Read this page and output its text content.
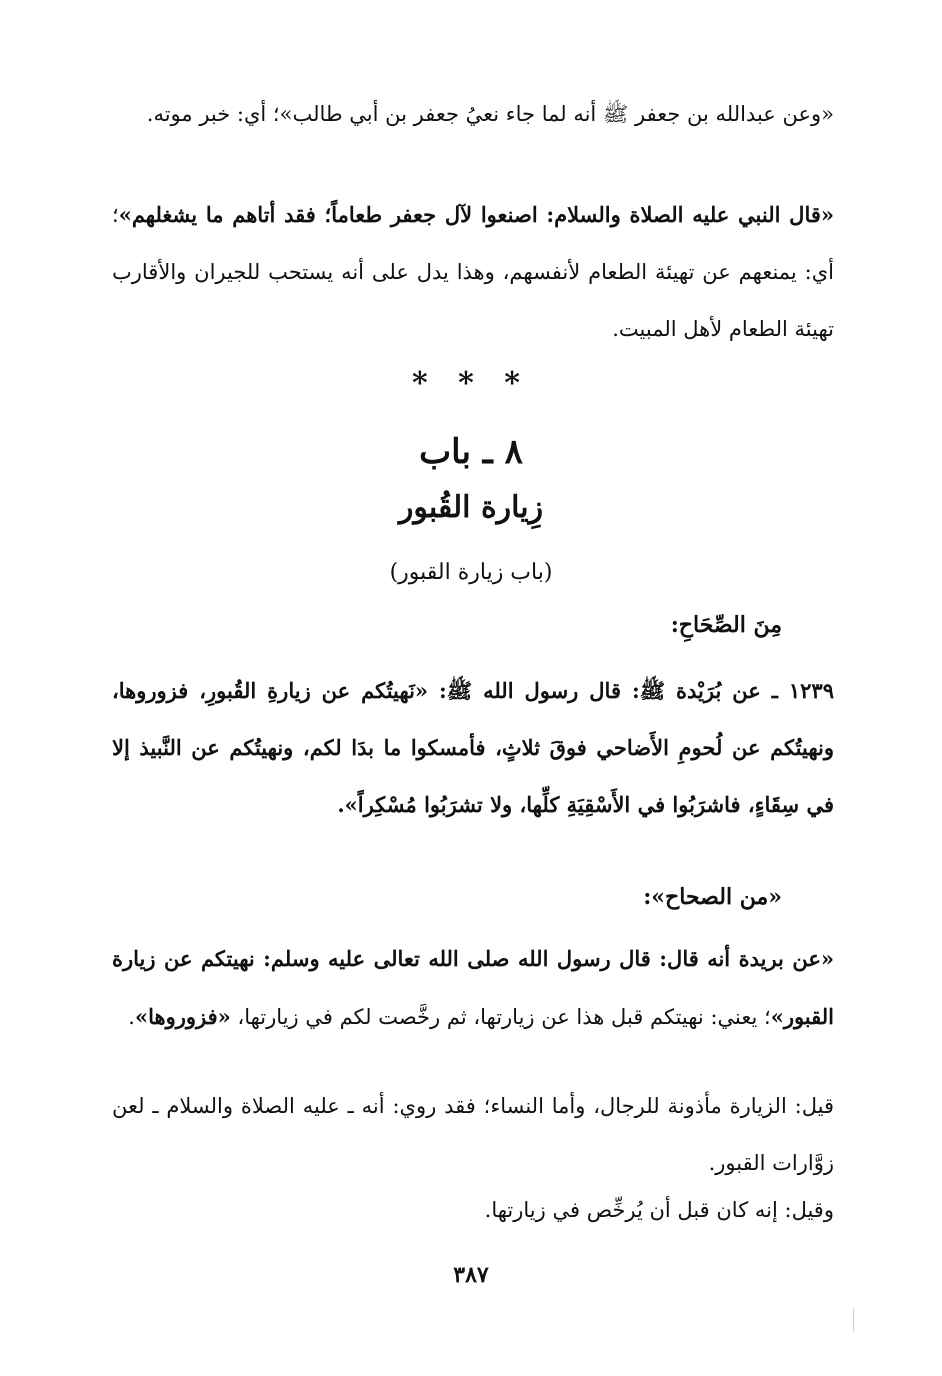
«وعن عبدالله بن جعفر ﷺ أنه لما جاء نعيُ جعفر بن أبي طالب»؛ أي: خبر موته.

«قال النبي عليه الصلاة والسلام: اصنعوا لآل جعفر طعاماً؛ فقد أتاهم ما يشغلهم»؛ أي: يمنعهم عن تهيئة الطعام لأنفسهم، وهذا يدل على أنه يستحب للجيران والأقارب تهيئة الطعام لأهل المبيت.

* * *

٨ ـ باب

زِيارة القُبور

(باب زيارة القبور)

مِنَ الصِّحَاحِ:

١٢٣٩ ـ عن بُرَيْدة ﷺ: قال رسول الله ﷺ: «نَهيتُكم عن زيارةِ القُبورِ، فزوروها، ونهيتُكم عن لُحومِ الأَضاحي فوقَ ثلاثٍ، فأمسكوا ما بدَا لكم، ونهيتُكم عن النَّبيذ إلا في سِقَاءٍ، فاشرَبُوا في الأَسْقِيَةِ كلِّها، ولا تشرَبُوا مُسْكِراً».

«من الصحاح»:

«عن بريدة أنه قال: قال رسول الله صلى الله تعالى عليه وسلم: نهيتكم عن زيارة القبور»؛ يعني: نهيتكم قبل هذا عن زيارتها، ثم رخَّصت لكم في زيارتها، «فزوروها».

قيل: الزيارة مأذونة للرجال، وأما النساء؛ فقد روي: أنه ـ عليه الصلاة والسلام ـ لعن زوَّارات القبور.

وقيل: إنه كان قبل أن يُرخِّص في زيارتها.

٣٨٧
